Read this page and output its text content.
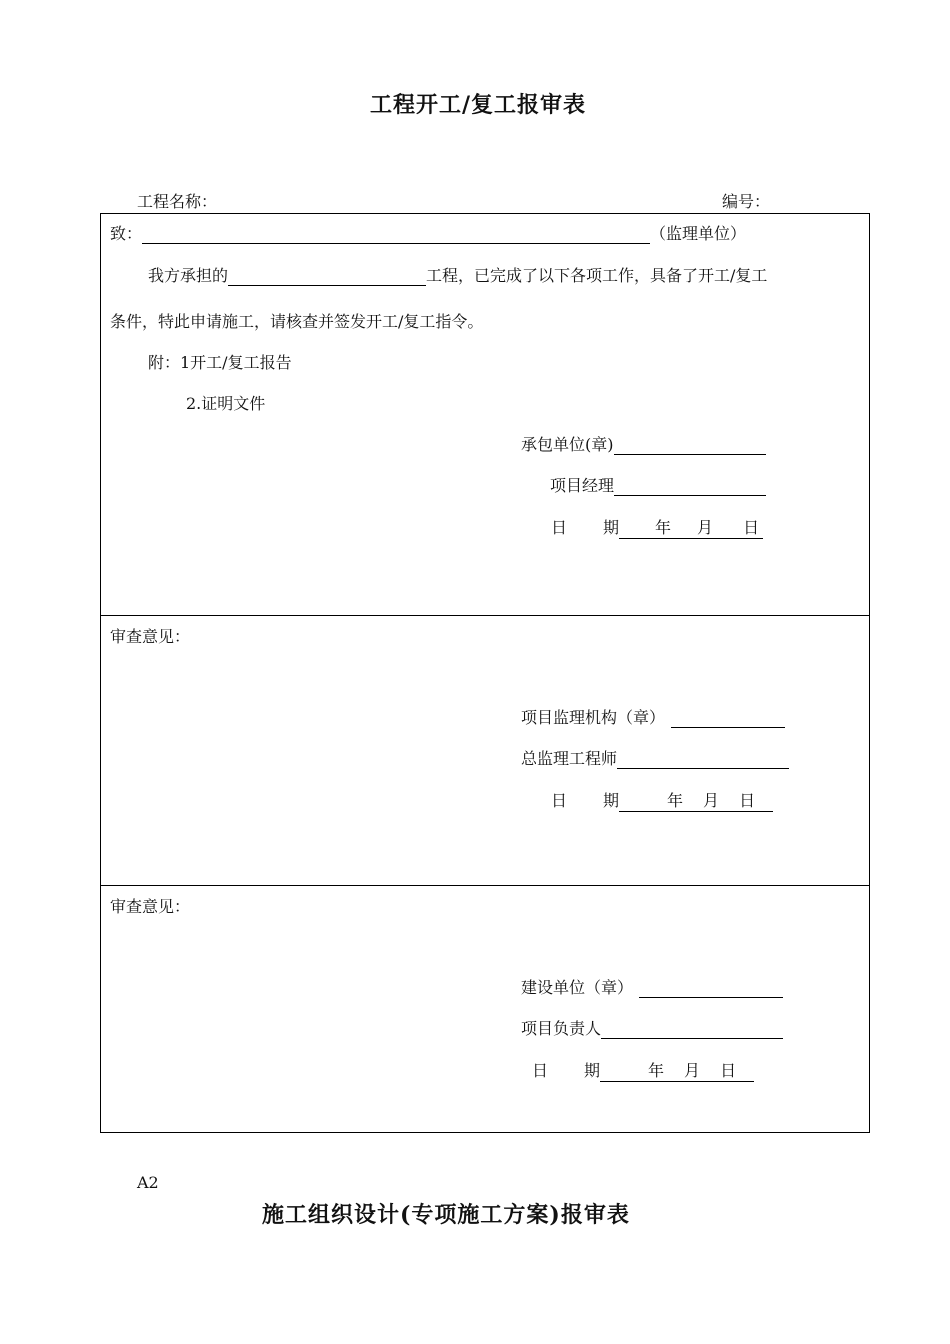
工程开工/复工报审表
工程名称：	编号：
致：	（监理单位）
我方承担的	工程，已完成了以下各项工作，具备了开工/复工
条件，特此申请施工，请核查并签发开工/复工指令。
附：1开工/复工报告
2.证明文件
承包单位(章)
项目经理
日 期 年 月 日
审查意见：
项目监理机构（章）
总监理工程师
日 期	年 月 日
审查意见：
建设单位（章）
项目负责人
日 期	年 月 日
A2
施工组织设计(专项施工方案)报审表
